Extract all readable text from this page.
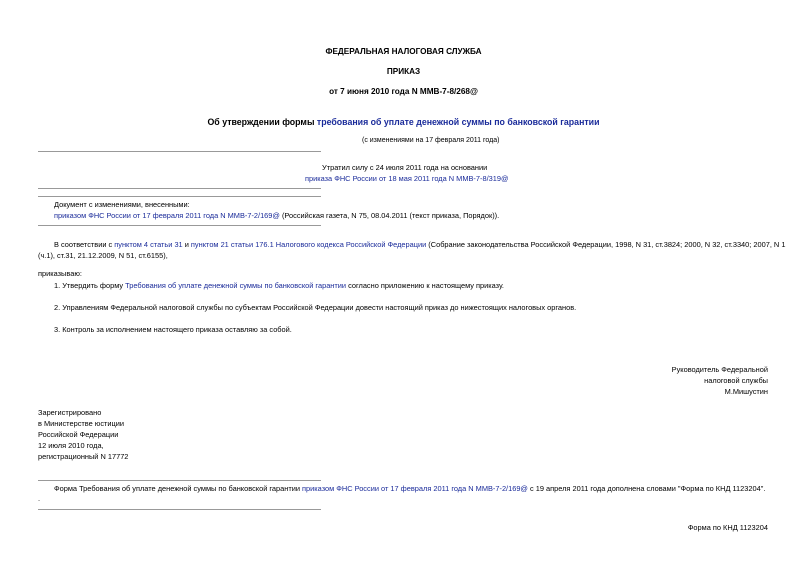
ФЕДЕРАЛЬНАЯ НАЛОГОВАЯ СЛУЖБА
ПРИКАЗ
от 7 июня 2010 года N ММВ-7-8/268@
Об утверждении формы требования об уплате денежной суммы по банковской гарантии
(с изменениями на 17 февраля 2011 года)
Утратил силу с 24 июля 2011 года на основании
приказа ФНС России от 18 мая 2011 года N ММВ-7-8/319@
Документ с изменениями, внесенными:
приказом ФНС России от 17 февраля 2011 года N ММВ-7-2/169@ (Российская газета, N 75, 08.04.2011 (текст приказа, Порядок)).
В соответствии с пунктом 4 статьи 31 и пунктом 21 статьи 176.1 Налогового кодекса Российской Федерации (Собрание законодательства Российской Федерации, 1998, N 31, ст.3824; 2000, N 32, ст.3340; 2007, N 1
(ч.1), ст.31, 21.12.2009, N 51, ст.6155),
приказываю:
1. Утвердить форму Требования об уплате денежной суммы по банковской гарантии согласно приложению к настоящему приказу.
2. Управлениям Федеральной налоговой службы по субъектам Российской Федерации довести настоящий приказ до нижестоящих налоговых органов.
3. Контроль за исполнением настоящего приказа оставляю за собой.
Руководитель Федеральной
налоговой службы
М.Мишустин
Зарегистрировано
в Министерстве юстиции
Российской Федерации
12 июля 2010 года,
регистрационный N 17772
Форма Требования об уплате денежной суммы по банковской гарантии приказом ФНС России от 17 февраля 2011 года N ММВ-7-2/169@ с 19 апреля 2011 года дополнена словами "Форма по КНД 1123204".
.
Форма по КНД 1123204
